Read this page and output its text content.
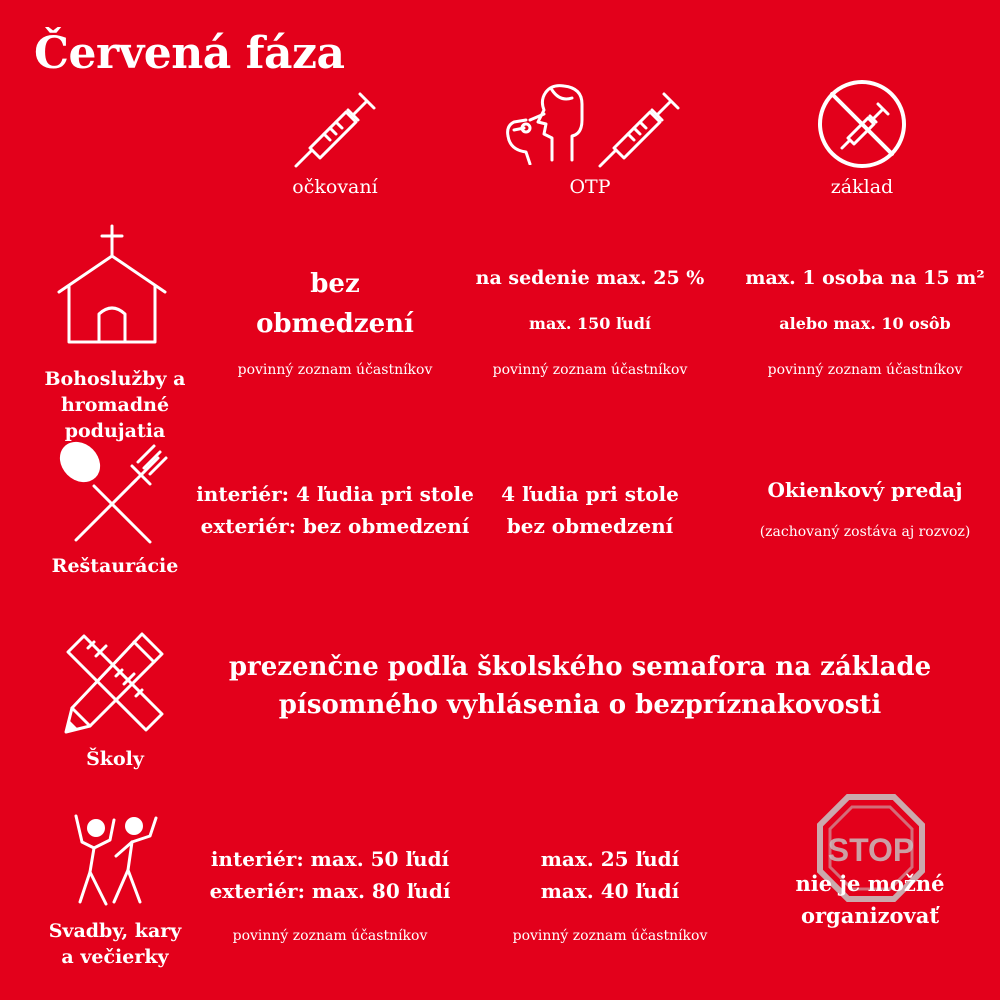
Červená fáza
očkovaní	OTP	základ
Bohoslužby a
hromadné podujatia
bez
obmedzení
povinný zoznam účastníkov
na sedenie max. 25 %
max. 150 ľudí
povinný zoznam účastníkov
max. 1 osoba na 15 m²
alebo max. 10 osôb
povinný zoznam účastníkov
Reštaurácie
interiér: 4 ľudia pri stole
exteriér: bez obmedzení
4 ľudia pri stole
bez obmedzení
Okienkový predaj
(zachovaný zostáva aj rozvoz)
Školy
prezenčne podľa školského semafora na základe
písomného vyhlásenia o bezpríznakovosti
Svadby, kary
a večierky
interiér: max. 50 ľudí
exteriér: max. 80 ľudí
povinný zoznam účastníkov
max. 25 ľudí
max. 40 ľudí
povinný zoznam účastníkov
STOP
nie je možné
organizovať
